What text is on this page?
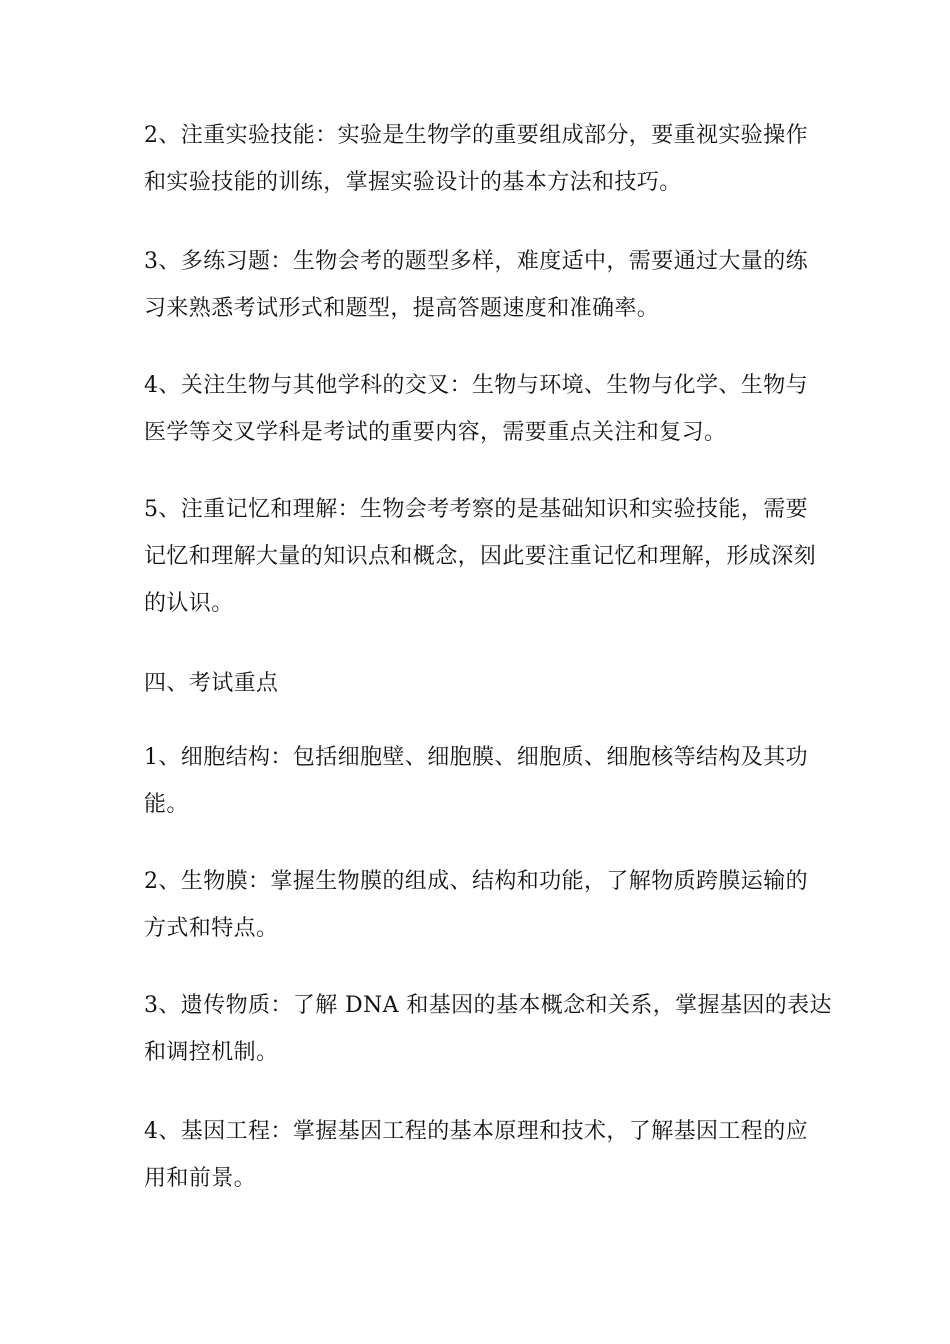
2、注重实验技能：实验是生物学的重要组成部分，要重视实验操作
和实验技能的训练，掌握实验设计的基本方法和技巧。

3、多练习题：生物会考的题型多样，难度适中，需要通过大量的练
习来熟悉考试形式和题型，提高答题速度和准确率。

4、关注生物与其他学科的交叉：生物与环境、生物与化学、生物与
医学等交叉学科是考试的重要内容，需要重点关注和复习。

5、注重记忆和理解：生物会考考察的是基础知识和实验技能，需要
记忆和理解大量的知识点和概念，因此要注重记忆和理解，形成深刻
的认识。

四、考试重点

1、细胞结构：包括细胞壁、细胞膜、细胞质、细胞核等结构及其功
能。

2、生物膜：掌握生物膜的组成、结构和功能，了解物质跨膜运输的
方式和特点。

3、遗传物质：了解 DNA 和基因的基本概念和关系，掌握基因的表达
和调控机制。

4、基因工程：掌握基因工程的基本原理和技术，了解基因工程的应
用和前景。
